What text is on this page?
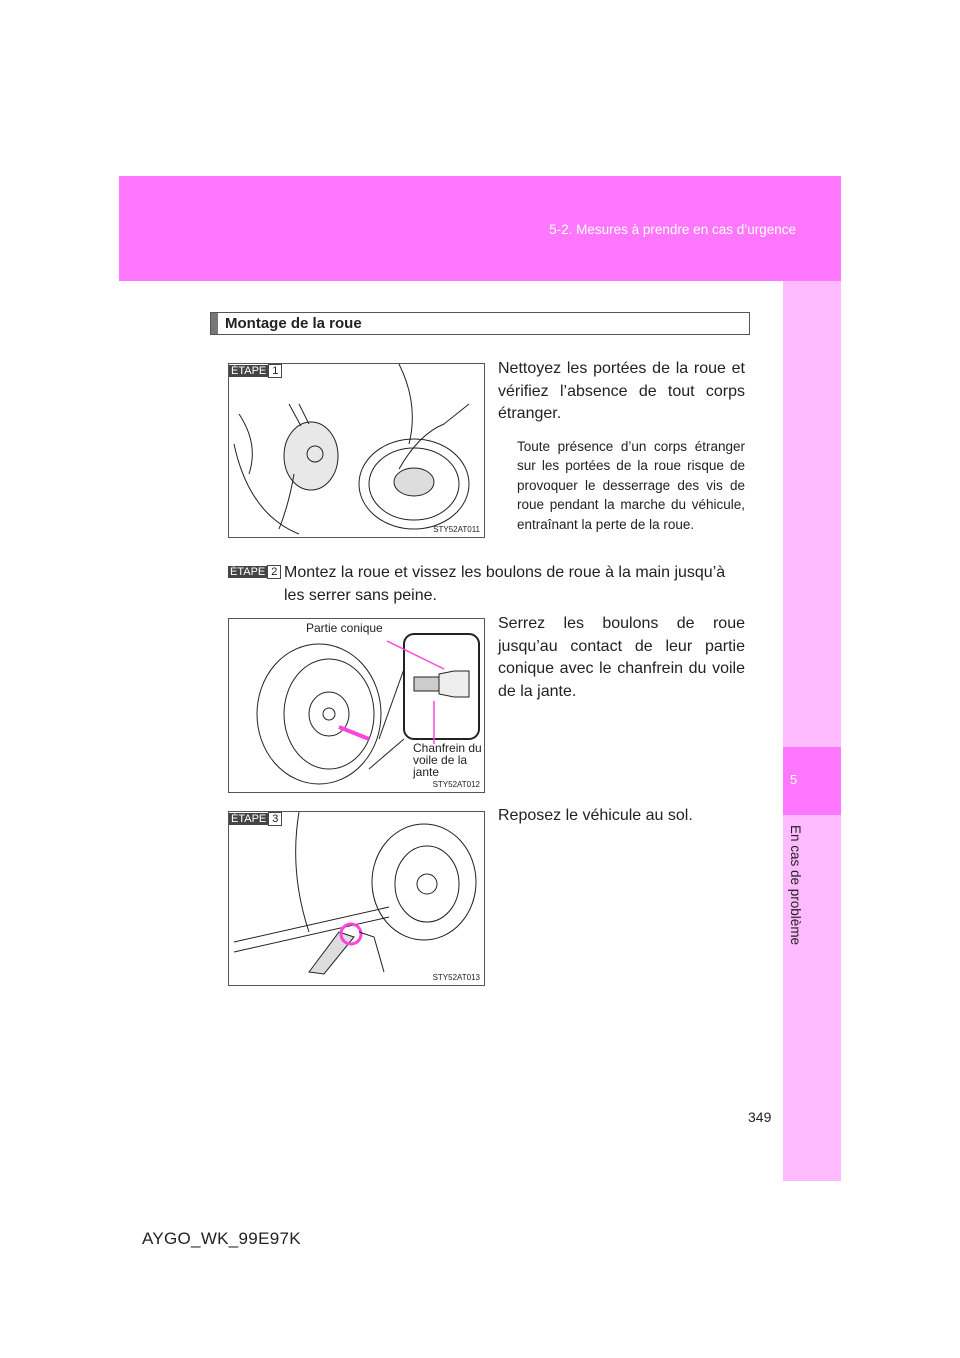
5-2. Mesures à prendre en cas d’urgence
5
En cas de problème
Montage de la roue
ÉTAPE 1
STY52AT011
Nettoyez les portées de la roue et vérifiez l’absence de tout corps étranger.
Toute présence d’un corps étranger sur les portées de la roue risque de provoquer le desserrage des vis de roue pendant la marche du véhicule, entraînant la perte de la roue.
ÉTAPE 2 Montez la roue et vissez les boulons de roue à la main jusqu’à les serrer sans peine.
Partie conique
Chanfrein du voile de la jante
STY52AT012
Serrez les boulons de roue jusqu’au contact de leur partie conique avec le chanfrein du voile de la jante.
ÉTAPE 3
STY52AT013
Reposez le véhicule au sol.
349
AYGO_WK_99E97K
